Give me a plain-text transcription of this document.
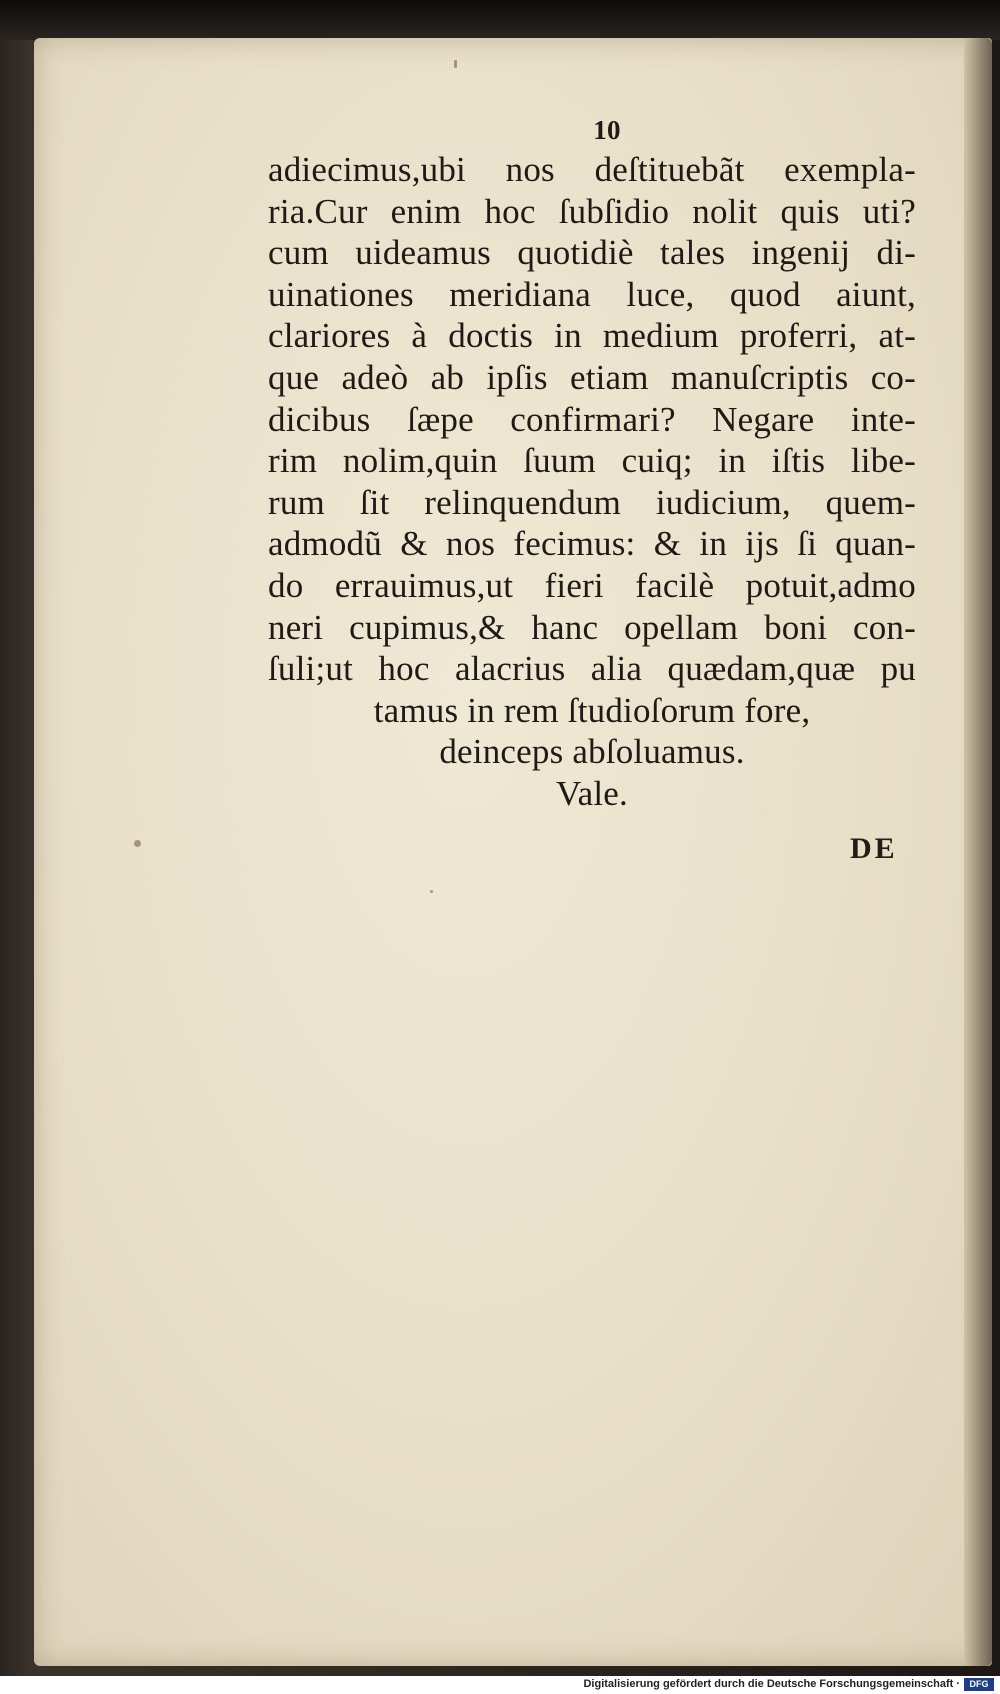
10
adiecimus,ubi nos deſtituebãt exempla-
ria.Cur enim hoc ſubſidio nolit quis uti?
cum uideamus quotidiè tales ingenij di-
uinationes meridiana luce, quod aiunt,
clariores à doctis in medium proferri, at-
que adeò ab ipſis etiam manuſcriptis co-
dicibus ſæpe confirmari? Negare inte-
rim nolim,quin ſuum cuiq; in iſtis libe-
rum ſit relinquendum iudicium, quem-
admodũ & nos fecimus: & in ijs ſi quan-
do errauimus,ut fieri facilè potuit,admo
neri cupimus,& hanc opellam boni con-
ſuli;ut hoc alacrius alia quædam,quæ pu
tamus in rem ſtudioſorum fore,
deinceps abſoluamus.
Vale.
DE
Digitalisierung gefördert durch die Deutsche Forschungsgemeinschaft ·	DFG
